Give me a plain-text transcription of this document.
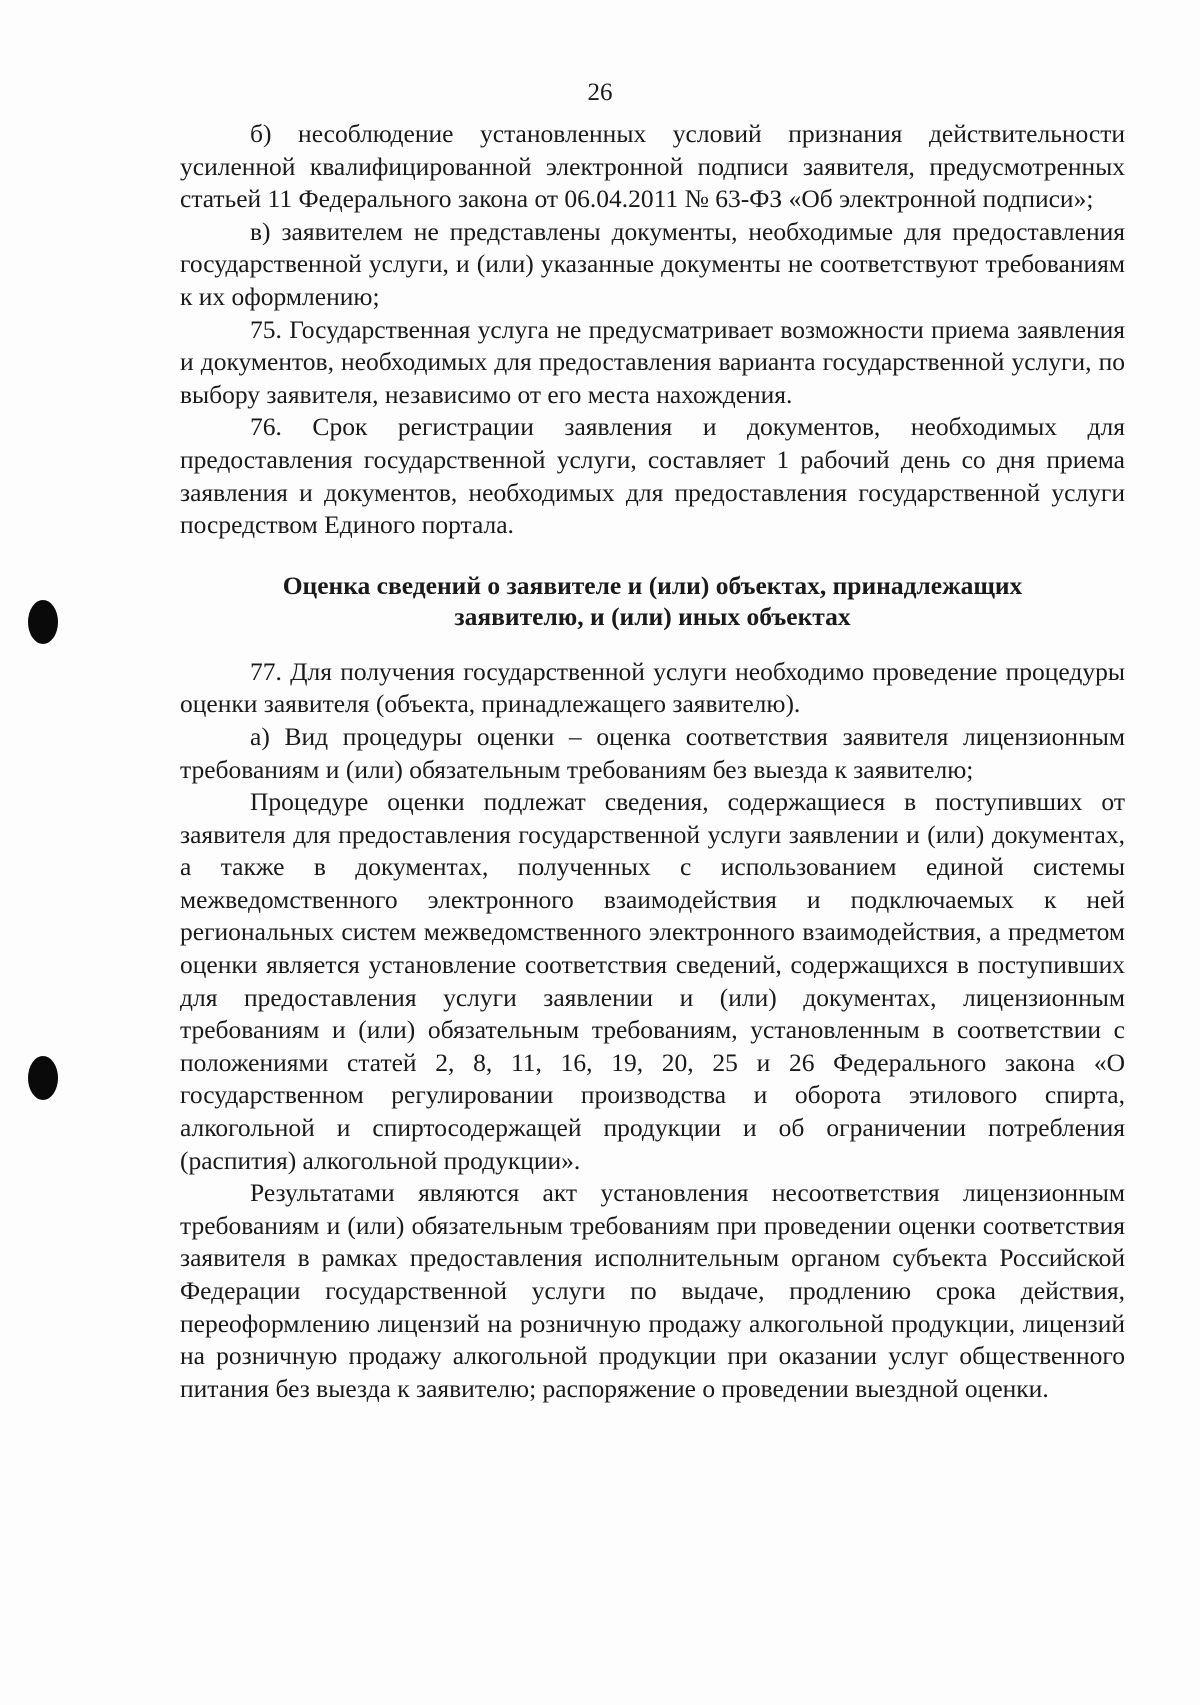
26

б) несоблюдение установленных условий признания действительности усиленной квалифицированной электронной подписи заявителя, предусмотренных статьей 11 Федерального закона от 06.04.2011 № 63-ФЗ «Об электронной подписи»;

в) заявителем не представлены документы, необходимые для предоставления государственной услуги, и (или) указанные документы не соответствуют требованиям к их оформлению;

75. Государственная услуга не предусматривает возможности приема заявления и документов, необходимых для предоставления варианта государственной услуги, по выбору заявителя, независимо от его места нахождения.

76. Срок регистрации заявления и документов, необходимых для предоставления государственной услуги, составляет 1 рабочий день со дня приема заявления и документов, необходимых для предоставления государственной услуги посредством Единого портала.

Оценка сведений о заявителе и (или) объектах, принадлежащих заявителю, и (или) иных объектах

77. Для получения государственной услуги необходимо проведение процедуры оценки заявителя (объекта, принадлежащего заявителю).

а) Вид процедуры оценки – оценка соответствия заявителя лицензионным требованиям и (или) обязательным требованиям без выезда к заявителю;

Процедуре оценки подлежат сведения, содержащиеся в поступивших от заявителя для предоставления государственной услуги заявлении и (или) документах, а также в документах, полученных с использованием единой системы межведомственного электронного взаимодействия и подключаемых к ней региональных систем межведомственного электронного взаимодействия, а предметом оценки является установление соответствия сведений, содержащихся в поступивших для предоставления услуги заявлении и (или) документах, лицензионным требованиям и (или) обязательным требованиям, установленным в соответствии с положениями статей 2, 8, 11, 16, 19, 20, 25 и 26 Федерального закона «О государственном регулировании производства и оборота этилового спирта, алкогольной и спиртосодержащей продукции и об ограничении потребления (распития) алкогольной продукции».

Результатами являются акт установления несоответствия лицензионным требованиям и (или) обязательным требованиям при проведении оценки соответствия заявителя в рамках предоставления исполнительным органом субъекта Российской Федерации государственной услуги по выдаче, продлению срока действия, переоформлению лицензий на розничную продажу алкогольной продукции, лицензий на розничную продажу алкогольной продукции при оказании услуг общественного питания без выезда к заявителю; распоряжение о проведении выездной оценки.
